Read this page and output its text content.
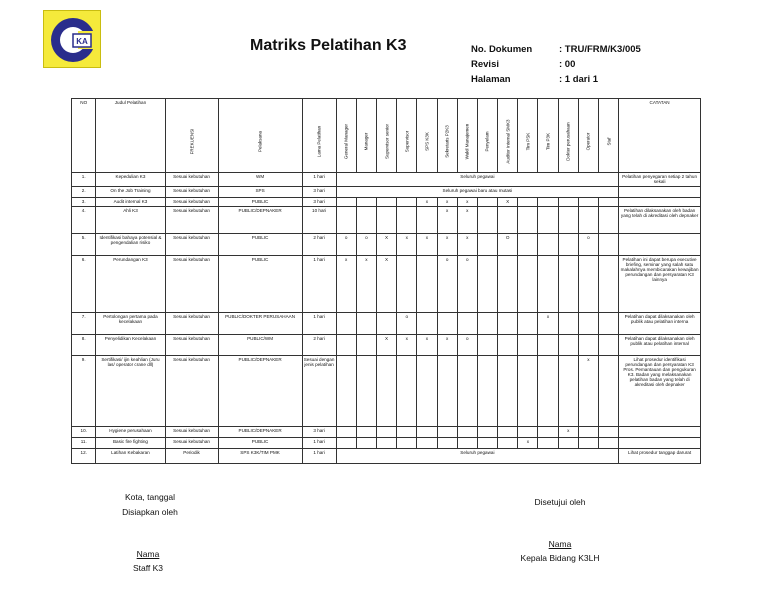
KA	Matriks Pelatihan K3	No. Dokumen	: TRU/FRM/K3/005
Revisi	: 00
Halaman	: 1 dari 1
NO	Judul Pelatihan	FREKUENSI	Pelaksana	Lama Pelatihan	General Manager	Manager	Supervisor senior	Supervisor	SPS K3K	Sekretaris P2K3	Wakil Manajemen	Penyelam	Auditor Internal SMK3	Tim PSK	Tim P3K	Dokter perusahaan	Operator	Staf	CATATAN
1.	Kepedulian K3	Sesuai kebutuhan	WM	1 hari	Seluruh pegawai														Pelatihan penyegaran setiap 2 tahun sekali
2.	On the Job Training	Sesuai kebutuhan	SPS	3 hari	Seluruh pegawai baru atau mutasi														
3.	Audit internal K3	Sesuai kebutuhan	PUBLIC	3 hari					x	x	x		X						
4.	Ahli K3	Sesuai kebutuhan	PUBLIC/DEPNAKER	10 hari						x	x								Pelatihan dilaksanakan oleh badan yang telah di akreditasi oleh depnaker
5.	Identifikasi bahaya potensial & pengendalian risiko	Sesuai kebutuhan	PUBLIC	2 hari	o	o	X	x	x	x	x		O				o		
6.	Perundangan K3	Sesuai kebutuhan	PUBLIC	1 hari	x	x	X			o	o								Pelatihan ini dapat berupa executive briefing, seminar yang salah satu makalahnya membicarakan kewajiban perundangan dan persyaratan K3 lainnya
7.	Pertolongan pertama pada kecelakaan	Sesuai kebutuhan	PUBLIC/DOKTER PERUSAHAAN	1 hari				o							x				Pelatihan dapat dilaksanakan oleh publik atau pelatihan interna
8.	Penyelidikan Kecelakaan	Sesuai kebutuhan	PUBLIC/WM	2 hari			X	x	x	x	o								Pelatihan dapat dilaksanakan oleh publik atau pelatihan internal
9.	Sertifikasi/ ijin keahlian (Juru las/ operator crane dll)	Sesuai kebutuhan	PUBLIC/DEPNAKER	Sesuai dengan jenis pelatihan													x		Lihat prosedur identifikasi perundangan dan persyaratan K3 Pros. Pemantauan dan pengukuran K3. Badan yang melaksanakan pelatihan badan yang telah di akreditasi oleh depnaker
10.	Hygiene perusahaan	Sesuai kebutuhan	PUBLIC/DEPNAKER	3 hari												x			
11.	Basic fire fighting	Sesuai kebutuhan	PUBLIC	1 hari										x					
12.	Latihan Kebakaran	Periodik	SPS K3K/TIM PMK	1 hari	Seluruh pegawai														Lihat prosedur tanggap darurat
Kota, tanggal
Disiapkan oleh
Nama
Staff K3
Disetujui oleh
Nama
Kepala Bidang K3LH
